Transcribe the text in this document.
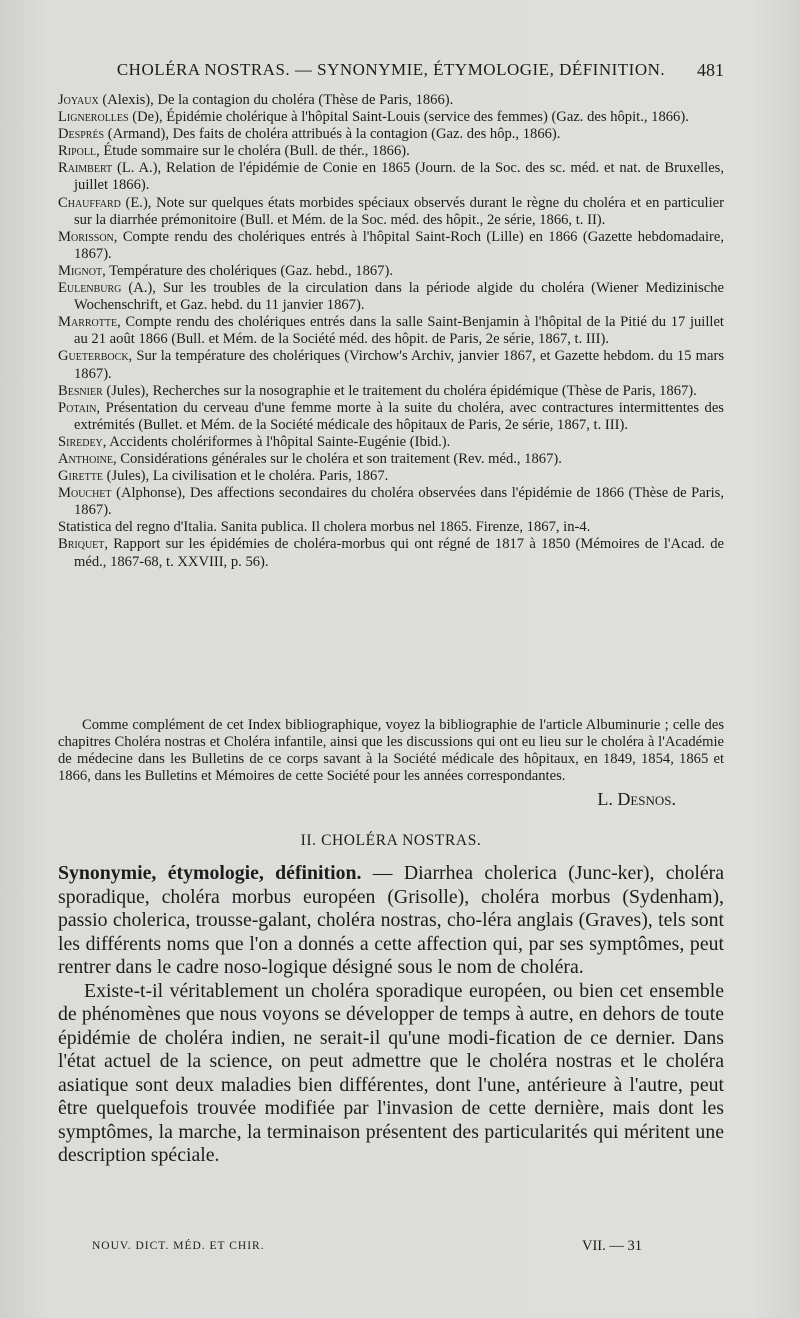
CHOLÉRA NOSTRAS. — SYNONYMIE, ÉTYMOLOGIE, DÉFINITION.	481

Joyaux (Alexis), De la contagion du choléra (Thèse de Paris, 1866).

Lignerolles (De), Épidémie cholérique à l'hôpital Saint-Louis (service des femmes) (Gaz. des hôpit., 1866).

Després (Armand), Des faits de choléra attribués à la contagion (Gaz. des hôp., 1866).

Ripoll, Étude sommaire sur le choléra (Bull. de thér., 1866).

Raimbert (L. A.), Relation de l'épidémie de Conie en 1865 (Journ. de la Soc. des sc. méd. et nat. de Bruxelles, juillet 1866).

Chauffard (E.), Note sur quelques états morbides spéciaux observés durant le règne du choléra et en particulier sur la diarrhée prémonitoire (Bull. et Mém. de la Soc. méd. des hôpit., 2e série, 1866, t. II).

Morisson, Compte rendu des cholériques entrés à l'hôpital Saint-Roch (Lille) en 1866 (Gazette hebdomadaire, 1867).

Mignot, Température des cholériques (Gaz. hebd., 1867).

Eulenburg (A.), Sur les troubles de la circulation dans la période algide du choléra (Wiener Medizinische Wochenschrift, et Gaz. hebd. du 11 janvier 1867).

Marrotte, Compte rendu des cholériques entrés dans la salle Saint-Benjamin à l'hôpital de la Pitié du 17 juillet au 21 août 1866 (Bull. et Mém. de la Société méd. des hôpit. de Paris, 2e série, 1867, t. III).

Gueterbock, Sur la température des cholériques (Virchow's Archiv, janvier 1867, et Gazette hebdom. du 15 mars 1867).

Besnier (Jules), Recherches sur la nosographie et le traitement du choléra épidémique (Thèse de Paris, 1867).

Potain, Présentation du cerveau d'une femme morte à la suite du choléra, avec contractures intermittentes des extrémités (Bullet. et Mém. de la Société médicale des hôpitaux de Paris, 2e série, 1867, t. III).

Siredey, Accidents cholériformes à l'hôpital Sainte-Eugénie (Ibid.).

Anthoine, Considérations générales sur le choléra et son traitement (Rev. méd., 1867).

Girette (Jules), La civilisation et le choléra. Paris, 1867.

Mouchet (Alphonse), Des affections secondaires du choléra observées dans l'épidémie de 1866 (Thèse de Paris, 1867).

Statistica del regno d'Italia. Sanita publica. Il cholera morbus nel 1865. Firenze, 1867, in-4.

Briquet, Rapport sur les épidémies de choléra-morbus qui ont régné de 1817 à 1850 (Mémoires de l'Acad. de méd., 1867-68, t. XXVIII, p. 56).

Comme complément de cet Index bibliographique, voyez la bibliographie de l'article Albuminurie ; celle des chapitres Choléra nostras et Choléra infantile, ainsi que les discussions qui ont eu lieu sur le choléra à l'Académie de médecine dans les Bulletins de ce corps savant à la Société médicale des hôpitaux, en 1849, 1854, 1865 et 1866, dans les Bulletins et Mémoires de cette Société pour les années correspondantes.

L. Desnos.
II. CHOLÉRA NOSTRAS.

Synonymie, étymologie, définition. — Diarrhea cholerica (Junc-ker), choléra sporadique, choléra morbus européen (Grisolle), choléra morbus (Sydenham), passio cholerica, trousse-galant, choléra nostras, cho-léra anglais (Graves), tels sont les différents noms que l'on a donnés a cette affection qui, par ses symptômes, peut rentrer dans le cadre noso-logique désigné sous le nom de choléra.

Existe-t-il véritablement un choléra sporadique européen, ou bien cet ensemble de phénomènes que nous voyons se développer de temps à autre, en dehors de toute épidémie de choléra indien, ne serait-il qu'une modi-fication de ce dernier. Dans l'état actuel de la science, on peut admettre que le choléra nostras et le choléra asiatique sont deux maladies bien différentes, dont l'une, antérieure à l'autre, peut être quelquefois trouvée modifiée par l'invasion de cette dernière, mais dont les symptômes, la marche, la terminaison présentent des particularités qui méritent une description spéciale.

NOUV. DICT. MÉD. ET CHIR.	VII. — 31
